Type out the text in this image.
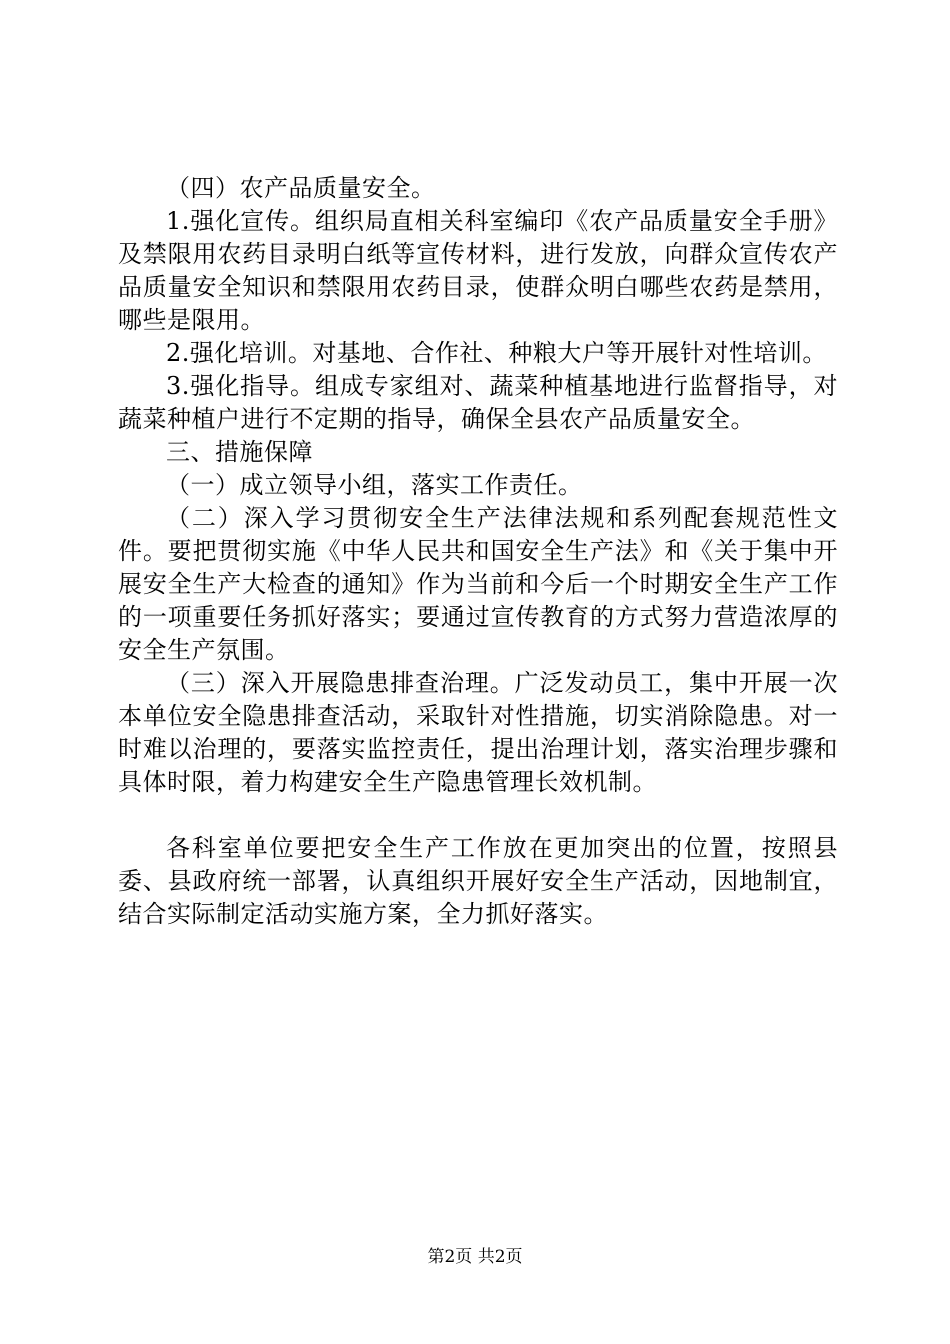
（四）农产品质量安全。

1.强化宣传。组织局直相关科室编印《农产品质量安全手册》及禁限用农药目录明白纸等宣传材料，进行发放，向群众宣传农产品质量安全知识和禁限用农药目录，使群众明白哪些农药是禁用，哪些是限用。

2.强化培训。对基地、合作社、种粮大户等开展针对性培训。

3.强化指导。组成专家组对、蔬菜种植基地进行监督指导，对蔬菜种植户进行不定期的指导，确保全县农产品质量安全。

三、措施保障

（一）成立领导小组，落实工作责任。

（二）深入学习贯彻安全生产法律法规和系列配套规范性文件。要把贯彻实施《中华人民共和国安全生产法》和《关于集中开展安全生产大检查的通知》作为当前和今后一个时期安全生产工作的一项重要任务抓好落实；要通过宣传教育的方式努力营造浓厚的安全生产氛围。

（三）深入开展隐患排查治理。广泛发动员工，集中开展一次本单位安全隐患排查活动，采取针对性措施，切实消除隐患。对一时难以治理的，要落实监控责任，提出治理计划，落实治理步骤和具体时限，着力构建安全生产隐患管理长效机制。

各科室单位要把安全生产工作放在更加突出的位置，按照县委、县政府统一部署，认真组织开展好安全生产活动，因地制宜，结合实际制定活动实施方案，全力抓好落实。

第2页 共2页
